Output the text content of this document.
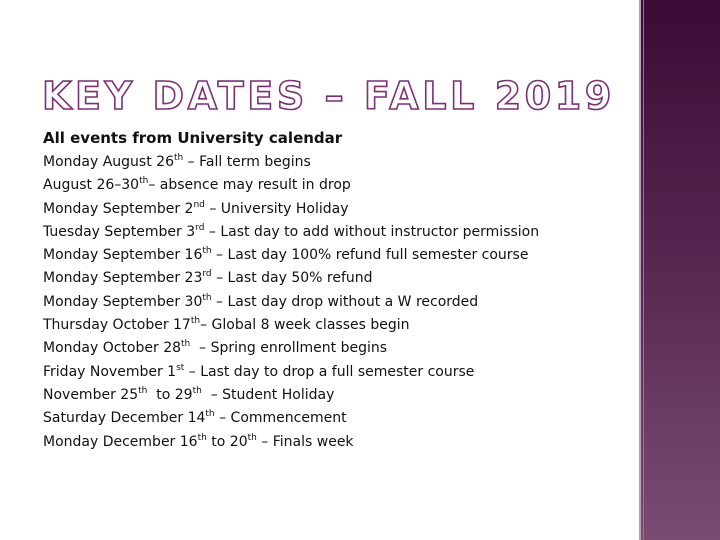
KEY DATES – FALL 2019
All events from University calendar
Monday August 26th – Fall term begins
August 26–30th– absence may result in drop
Monday September 2nd – University Holiday
Tuesday September 3rd – Last day to add without instructor permission
Monday September 16th – Last day 100% refund full semester course
Monday September 23rd – Last day 50% refund
Monday September 30th – Last day drop without a W recorded
Thursday October 17th– Global 8 week classes begin
Monday October 28th  – Spring enrollment begins
Friday November 1st – Last day to drop a full semester course
November 25th  to 29th  – Student Holiday
Saturday December 14th – Commencement
Monday December 16th to 20th – Finals week
